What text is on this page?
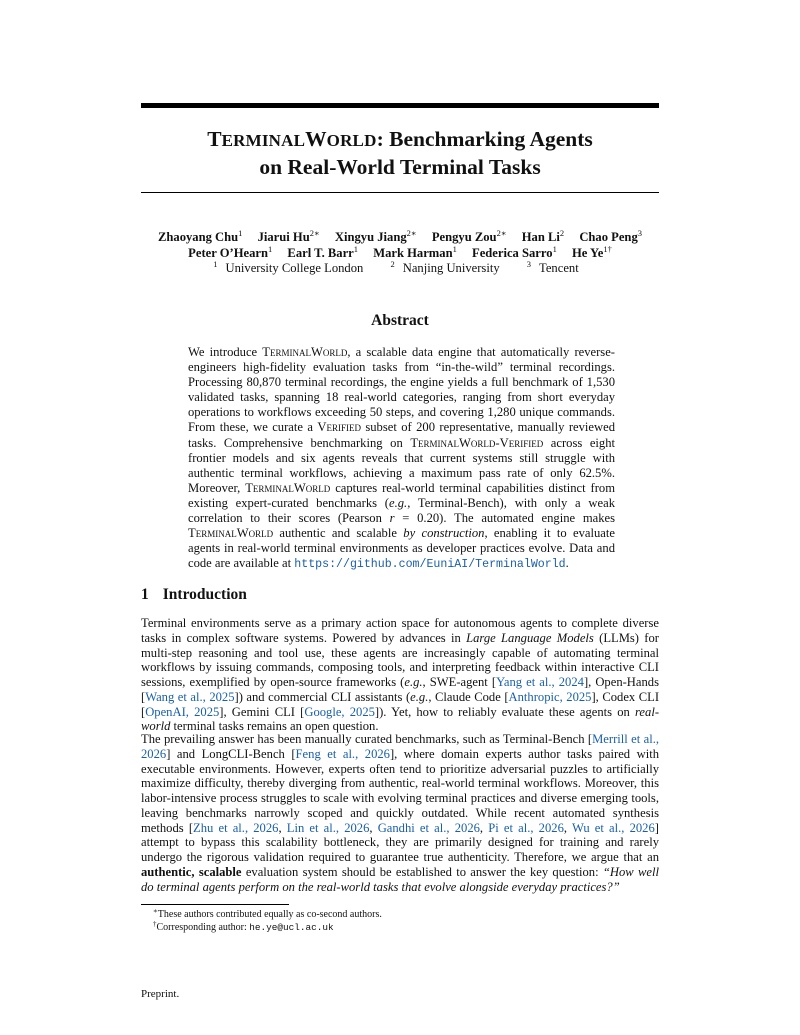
TERMINALWORLD: Benchmarking Agents
on Real-World Terminal Tasks
Zhaoyang Chu$^1$ Jiarui $Hu^{2∗}$ Xingyu Jiang$^{2∗}$ Pengyu Zou$^{2∗}$ Han Li$^2$ Chao Peng$^3$
Peter O’Hearn$^1$ Earl T. Barr$^1$ Mark Harman$^1$ Federica Sarro$^1$ He $Ye^{1\dagger}$
$^1$ University College London	$^2$ Nanjing University	$^3$ Tencent
Abstract

We introduce TerminalWorld, a scalable data engine that automatically reverse-engineers high-fidelity evaluation tasks from “in-the-wild” terminal recordings. Processing 80,870 terminal recordings, the engine yields a full benchmark of 1,530 validated tasks, spanning 18 real-world categories, ranging from short everyday operations to workflows exceeding 50 steps, and covering 1,280 unique commands. From these, we curate a Verified subset of 200 representative, manually reviewed tasks. Comprehensive benchmarking on TerminalWorld-Verified across eight frontier models and six agents reveals that current systems still struggle with authentic terminal workflows, achieving a maximum pass rate of only 62.5%. Moreover, TerminalWorld captures real-world terminal capabilities distinct from existing expert-curated benchmarks (e.g., Terminal-Bench), with only a weak correlation to their scores (Pearson r = 0.20). The automated engine makes TerminalWorld authentic and scalable by construction, enabling it to evaluate agents in real-world terminal environments as developer practices evolve. Data and code are available at https://github.com/EuniAI/TerminalWorld.

1 Introduction

Terminal environments serve as a primary action space for autonomous agents to complete diverse tasks in complex software systems. Powered by advances in Large Language Models (LLMs) for multi-step reasoning and tool use, these agents are increasingly capable of automating terminal workflows by issuing commands, composing tools, and interpreting feedback within interactive CLI sessions, exemplified by open-source frameworks (e.g., SWE-agent [Yang et al., 2024], Open-Hands [Wang et al., 2025]) and commercial CLI assistants (e.g., Claude Code [Anthropic, 2025], Codex CLI [OpenAI, 2025], Gemini CLI [Google, 2025]). Yet, how to reliably evaluate these agents on real-world terminal tasks remains an open question.

The prevailing answer has been manually curated benchmarks, such as Terminal-Bench [Merrill et al., 2026] and LongCLI-Bench [Feng et al., 2026], where domain experts author tasks paired with executable environments. However, experts often tend to prioritize adversarial puzzles to artificially maximize difficulty, thereby diverging from authentic, real-world terminal workflows. Moreover, this labor-intensive process struggles to scale with evolving terminal practices and diverse emerging tools, leaving benchmarks narrowly scoped and quickly outdated. While recent automated synthesis methods [Zhu et al., 2026, Lin et al., 2026, Gandhi et al., 2026, Pi et al., 2026, Wu et al., 2026] attempt to bypass this scalability bottleneck, they are primarily designed for training and rarely undergo the rigorous validation required to guarantee true authenticity. Therefore, we argue that an authentic, scalable evaluation system should be established to answer the key question: “How well do terminal agents perform on the real-world tasks that evolve alongside everyday practices?”

∗These authors contributed equally as co-second authors.
†Corresponding author: he.ye@ucl.ac.uk
Preprint.
